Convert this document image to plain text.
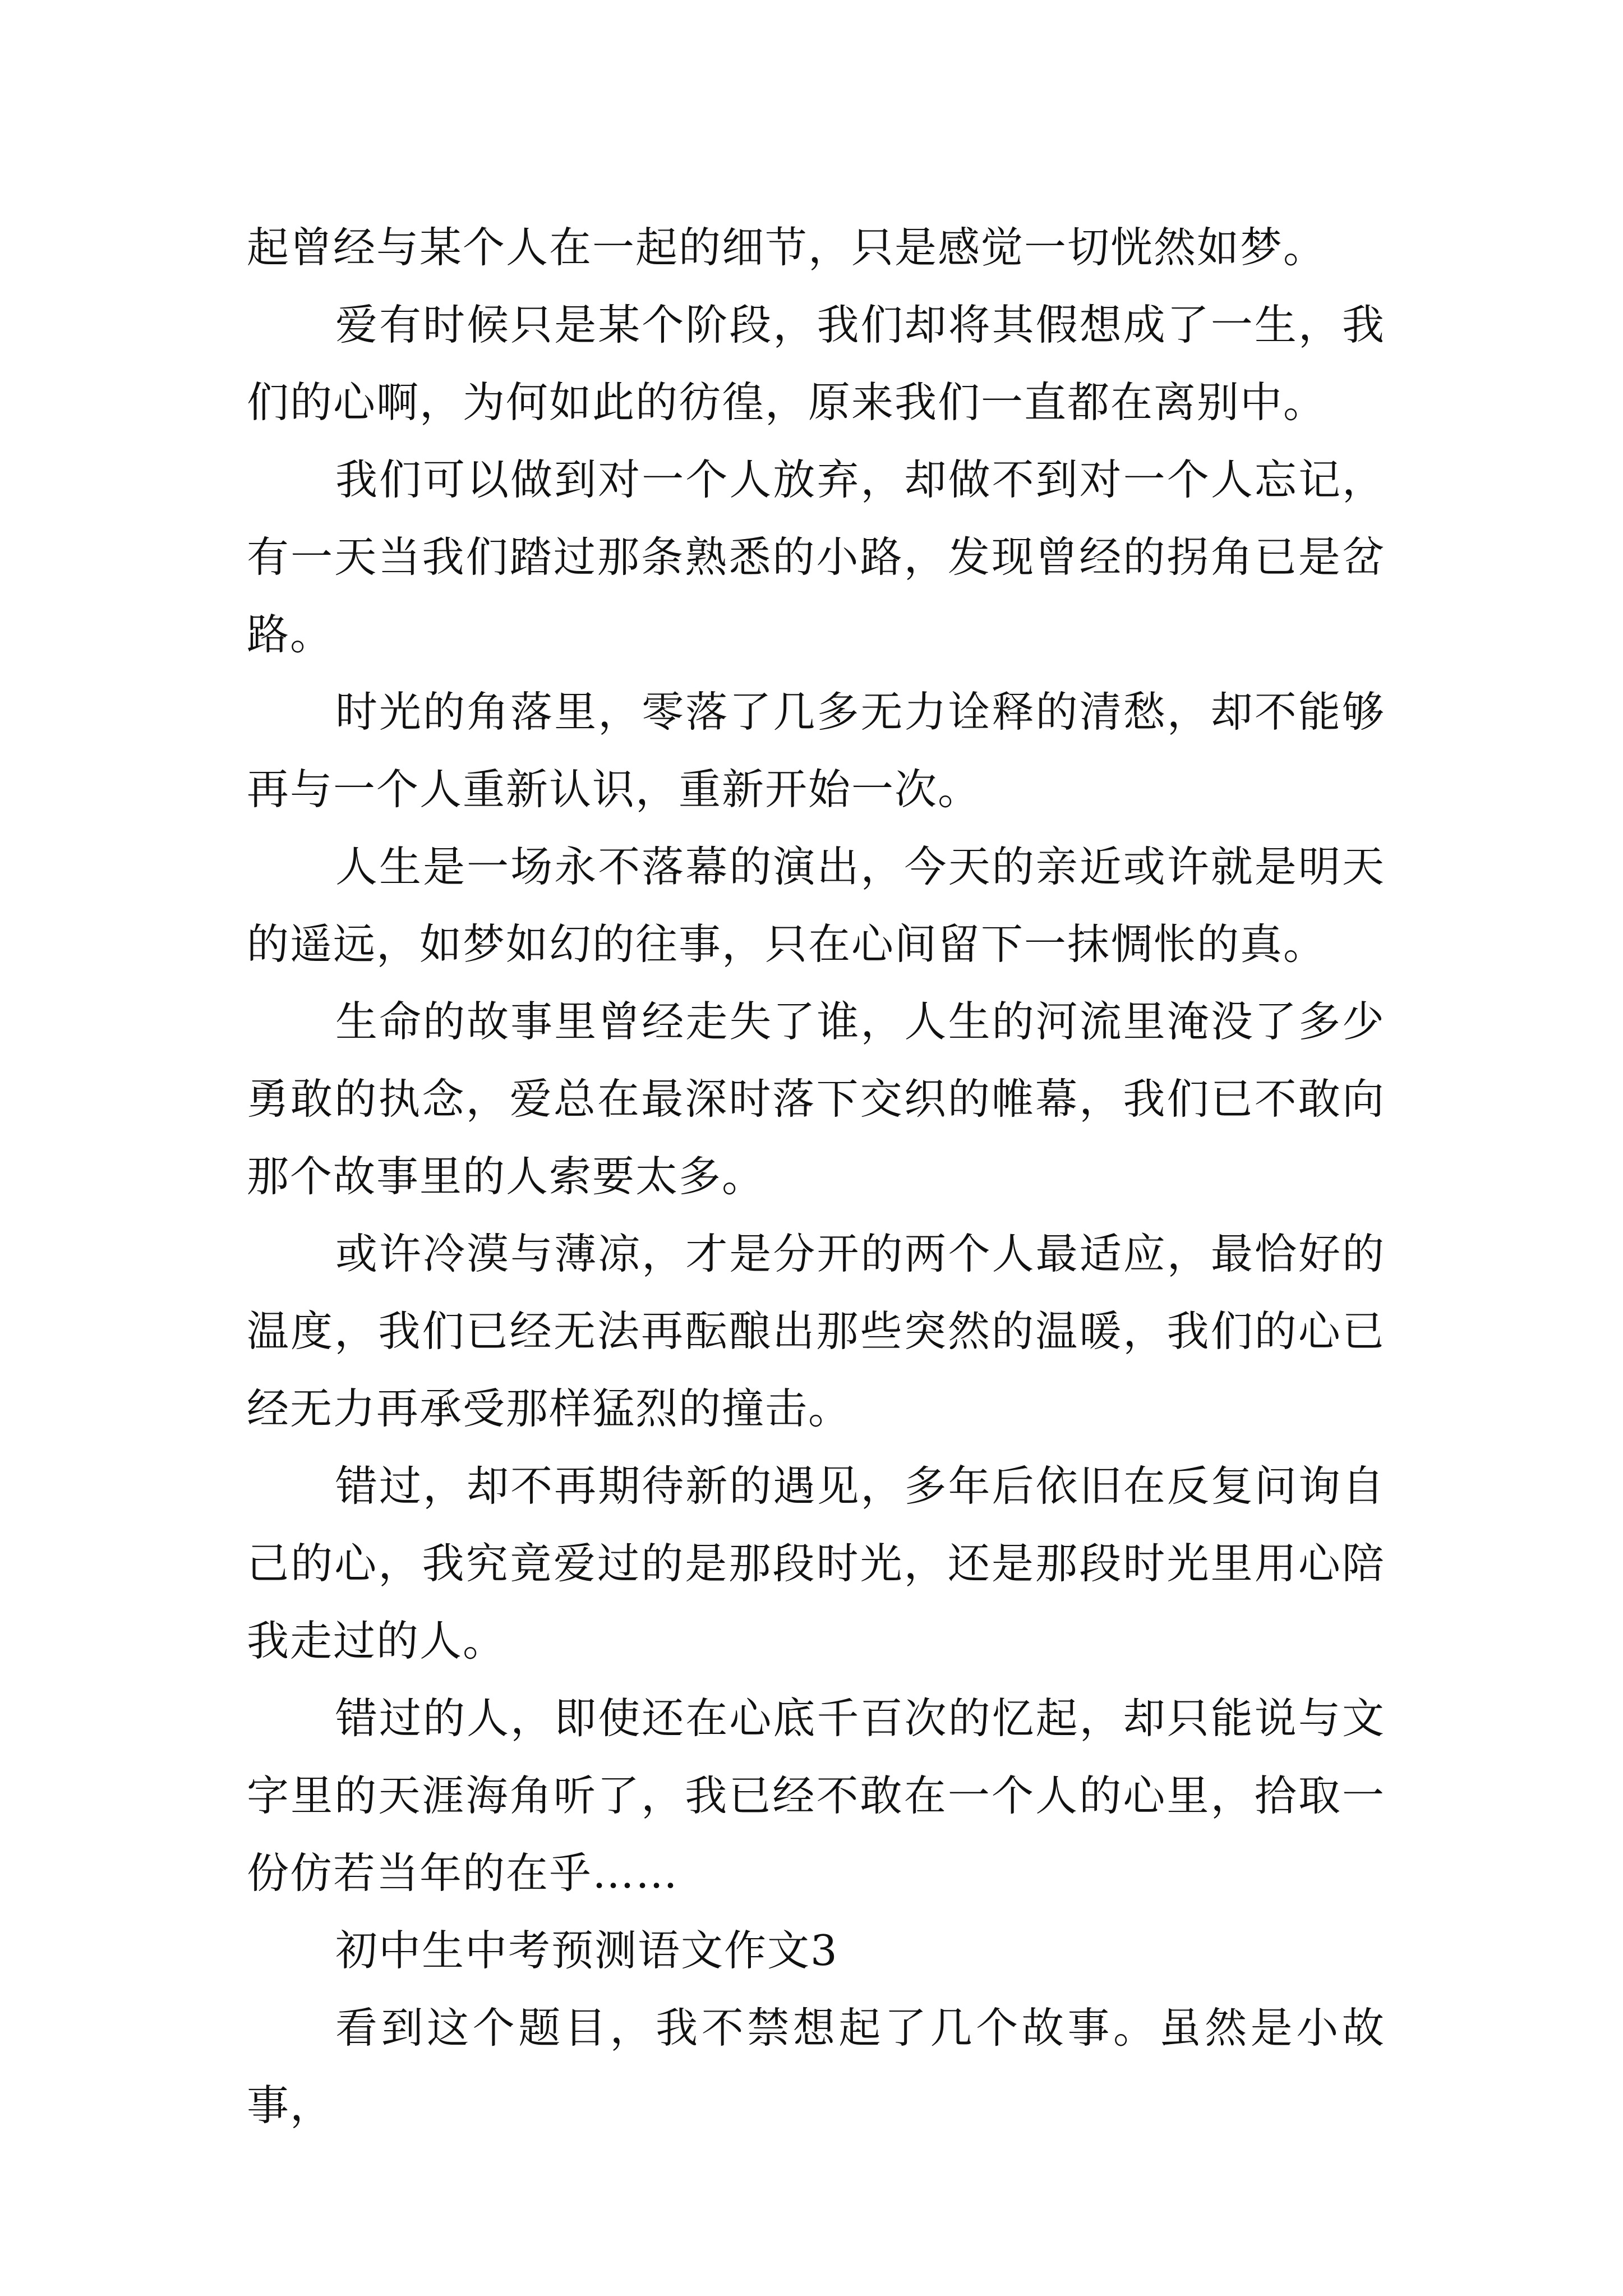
起曾经与某个人在一起的细节，只是感觉一切恍然如梦。

爱有时候只是某个阶段，我们却将其假想成了一生，我们的心啊，为何如此的彷徨，原来我们一直都在离别中。

我们可以做到对一个人放弃，却做不到对一个人忘记，有一天当我们踏过那条熟悉的小路，发现曾经的拐角已是岔路。

时光的角落里，零落了几多无力诠释的清愁，却不能够再与一个人重新认识，重新开始一次。

人生是一场永不落幕的演出，今天的亲近或许就是明天的遥远，如梦如幻的往事，只在心间留下一抹惆怅的真。

生命的故事里曾经走失了谁，人生的河流里淹没了多少勇敢的执念，爱总在最深时落下交织的帷幕，我们已不敢向那个故事里的人索要太多。

或许冷漠与薄凉，才是分开的两个人最适应，最恰好的温度，我们已经无法再酝酿出那些突然的温暖，我们的心已经无力再承受那样猛烈的撞击。

错过，却不再期待新的遇见，多年后依旧在反复问询自己的心，我究竟爱过的是那段时光，还是那段时光里用心陪我走过的人。

错过的人，即使还在心底千百次的忆起，却只能说与文字里的天涯海角听了，我已经不敢在一个人的心里，拾取一份仿若当年的在乎……

初中生中考预测语文作文3

看到这个题目，我不禁想起了几个故事。虽然是小故事，
